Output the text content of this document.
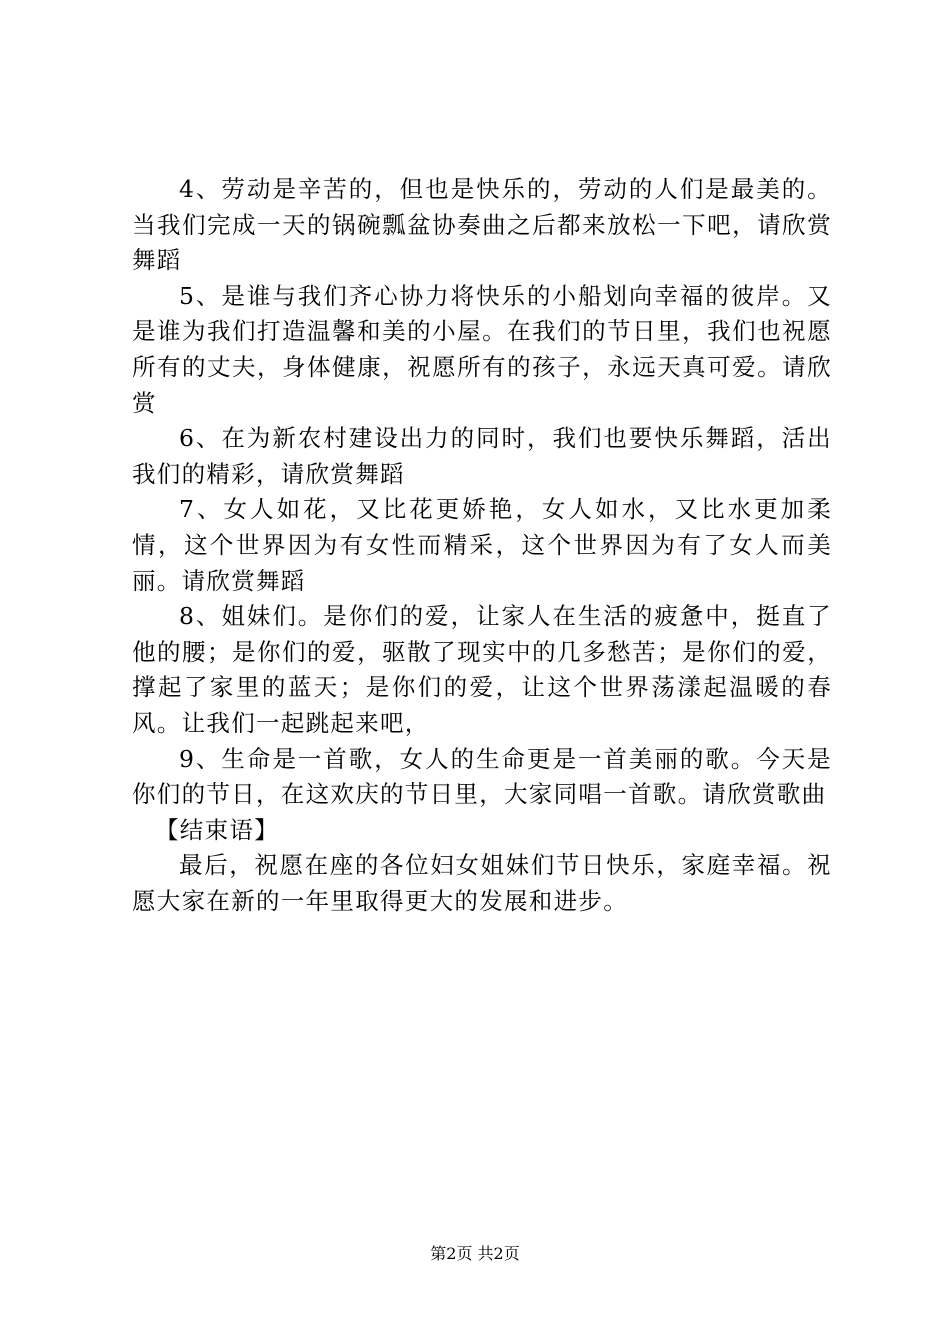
4、劳动是辛苦的，但也是快乐的，劳动的人们是最美的。当我们完成一天的锅碗瓢盆协奏曲之后都来放松一下吧，请欣赏舞蹈

5、是谁与我们齐心协力将快乐的小船划向幸福的彼岸。又是谁为我们打造温馨和美的小屋。在我们的节日里，我们也祝愿所有的丈夫，身体健康，祝愿所有的孩子，永远天真可爱。请欣赏

6、在为新农村建设出力的同时，我们也要快乐舞蹈，活出我们的精彩，请欣赏舞蹈

7、女人如花，又比花更娇艳，女人如水，又比水更加柔情，这个世界因为有女性而精采，这个世界因为有了女人而美丽。请欣赏舞蹈

8、姐妹们。是你们的爱，让家人在生活的疲惫中，挺直了他的腰；是你们的爱，驱散了现实中的几多愁苦；是你们的爱，撑起了家里的蓝天；是你们的爱，让这个世界荡漾起温暖的春风。让我们一起跳起来吧，

9、生命是一首歌，女人的生命更是一首美丽的歌。今天是你们的节日，在这欢庆的节日里，大家同唱一首歌。请欣赏歌曲

【结束语】

最后，祝愿在座的各位妇女姐妹们节日快乐，家庭幸福。祝愿大家在新的一年里取得更大的发展和进步。

第2页 共2页
